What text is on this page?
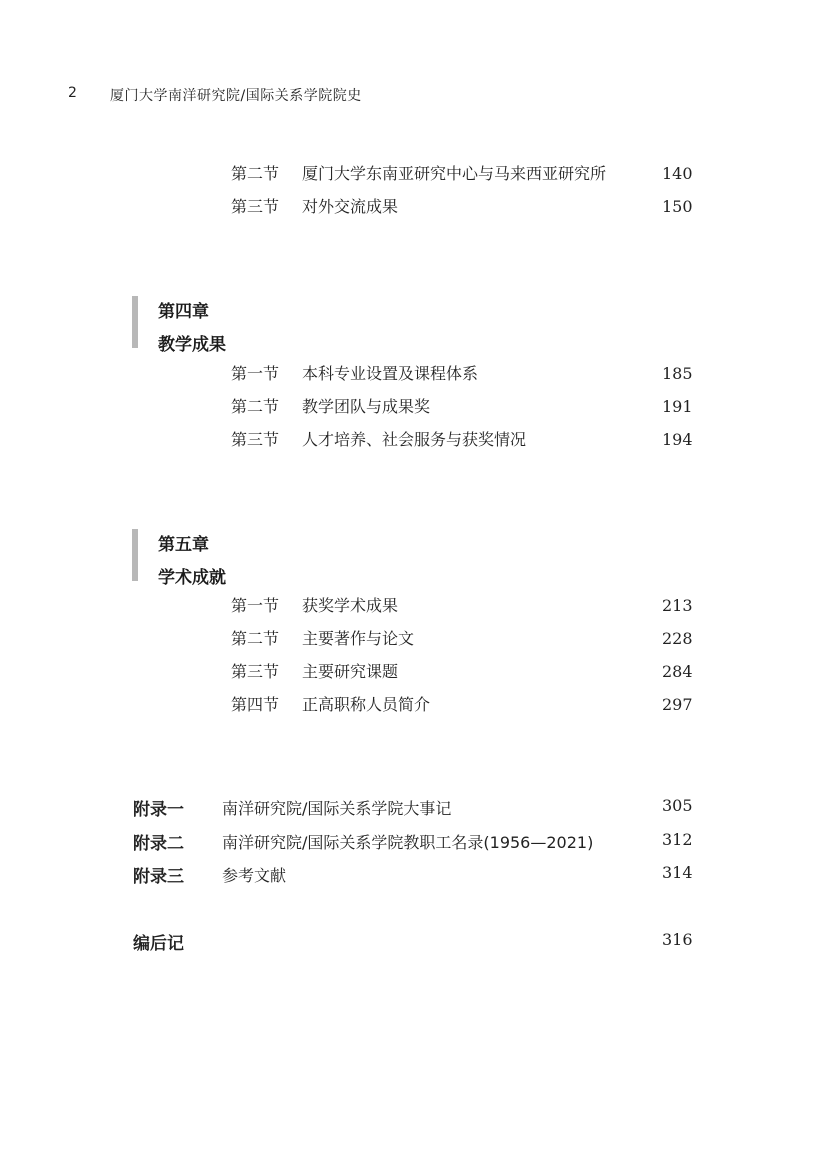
2 厦门大学南洋研究院/国际关系学院院史
第二节 厦门大学东南亚研究中心与马来西亚研究所	140
第三节 对外交流成果	150
第四章
教学成果
第一节 本科专业设置及课程体系	185
第二节 教学团队与成果奖	191
第三节 人才培养、社会服务与获奖情况	194
第五章
学术成就
第一节 获奖学术成果	213
第二节 主要著作与论文	228
第三节 主要研究课题	284
第四节 正高职称人员简介	297
附录一 南洋研究院/国际关系学院大事记	305
附录二 南洋研究院/国际关系学院教职工名录(1956—2021)	312
附录三 参考文献	314
编后记	316
